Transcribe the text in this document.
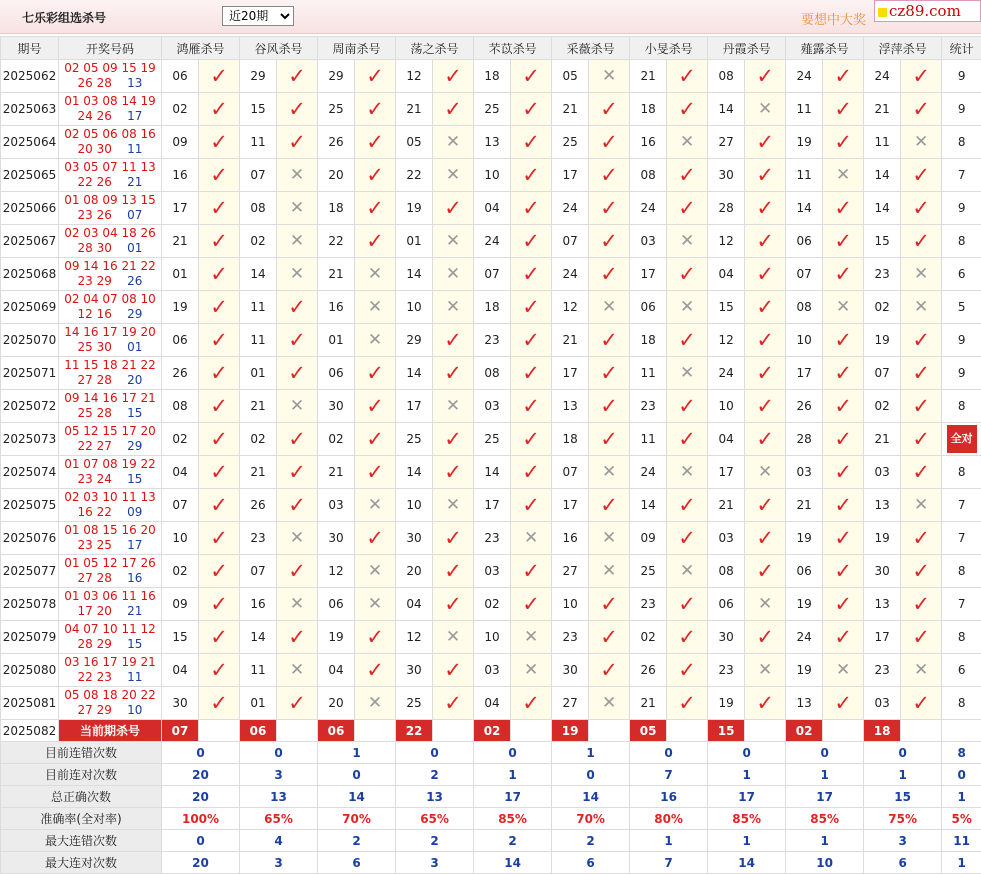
七乐彩组选杀号
近20期	要想中大奖
cz89.com
期号	开奖号码	鸿雁杀号		谷风杀号		周南杀号		荡之杀号		芣苡杀号		采薇杀号		小旻杀号		丹霞杀号		薤露杀号		浮萍杀号		统计
2025062	02 05 09 15 19
26 28 13	06	✓	29	✓	29	✓	12	✓	18	✓	05	✕	21	✓	08	✓	24	✓	24	✓	9
2025063	01 03 08 14 19
24 26 17	02	✓	15	✓	25	✓	21	✓	25	✓	21	✓	18	✓	14	✕	11	✓	21	✓	9
2025064	02 05 06 08 16
20 30 11	09	✓	11	✓	26	✓	05	✕	13	✓	25	✓	16	✕	27	✓	19	✓	11	✕	8
2025065	03 05 07 11 13
22 26 21	16	✓	07	✕	20	✓	22	✕	10	✓	17	✓	08	✓	30	✓	11	✕	14	✓	7
2025066	01 08 09 13 15
23 26 07	17	✓	08	✕	18	✓	19	✓	04	✓	24	✓	24	✓	28	✓	14	✓	14	✓	9
2025067	02 03 04 18 26
28 30 01	21	✓	02	✕	22	✓	01	✕	24	✓	07	✓	03	✕	12	✓	06	✓	15	✓	8
2025068	09 14 16 21 22
23 29 26	01	✓	14	✕	21	✕	14	✕	07	✓	24	✓	17	✓	04	✓	07	✓	23	✕	6
2025069	02 04 07 08 10
12 16 29	19	✓	11	✓	16	✕	10	✕	18	✓	12	✕	06	✕	15	✓	08	✕	02	✕	5
2025070	14 16 17 19 20
25 30 01	06	✓	11	✓	01	✕	29	✓	23	✓	21	✓	18	✓	12	✓	10	✓	19	✓	9
2025071	11 15 18 21 22
27 28 20	26	✓	01	✓	06	✓	14	✓	08	✓	17	✓	11	✕	24	✓	17	✓	07	✓	9
2025072	09 14 16 17 21
25 28 15	08	✓	21	✕	30	✓	17	✕	03	✓	13	✓	23	✓	10	✓	26	✓	02	✓	8
2025073	05 12 15 17 20
22 27 29	02	✓	02	✓	02	✓	25	✓	25	✓	18	✓	11	✓	04	✓	28	✓	21	✓	全对
2025074	01 07 08 19 22
23 24 15	04	✓	21	✓	21	✓	14	✓	14	✓	07	✕	24	✕	17	✕	03	✓	03	✓	8
2025075	02 03 10 11 13
16 22 09	07	✓	26	✓	03	✕	10	✕	17	✓	17	✓	14	✓	21	✓	21	✓	13	✕	7
2025076	01 08 15 16 20
23 25 17	10	✓	23	✕	30	✓	30	✓	23	✕	16	✕	09	✓	03	✓	19	✓	19	✓	7
2025077	01 05 12 17 26
27 28 16	02	✓	07	✓	12	✕	20	✓	03	✓	27	✕	25	✕	08	✓	06	✓	30	✓	8
2025078	01 03 06 11 16
17 20 21	09	✓	16	✕	06	✕	04	✓	02	✓	10	✓	23	✓	06	✕	19	✓	13	✓	7
2025079	04 07 10 11 12
28 29 15	15	✓	14	✓	19	✓	12	✕	10	✕	23	✓	02	✓	30	✓	24	✓	17	✓	8
2025080	03 16 17 19 21
22 23 11	04	✓	11	✕	04	✓	30	✓	03	✕	30	✓	26	✓	23	✕	19	✕	23	✕	6
2025081	05 08 18 20 22
27 29 10	30	✓	01	✓	20	✕	25	✓	04	✓	27	✕	21	✓	19	✓	13	✓	03	✓	8
2025082	当前期杀号	07		06		06		22		02		19		05		15		02		18		
目前连错次数		0		0		1		0		0		1		0		0		0		0		8
目前连对次数		20		3		0		2		1		0		7		1		1		1		0
总正确次数		20		13		14		13		17		14		16		17		17		15		1
准确率(全对率)		100%		65%		70%		65%		85%		70%		80%		85%		85%		75%		5%
最大连错次数		0		4		2		2		2		2		1		1		1		3		11
最大连对次数		20		3		6		3		14		6		7		14		10		6		1
